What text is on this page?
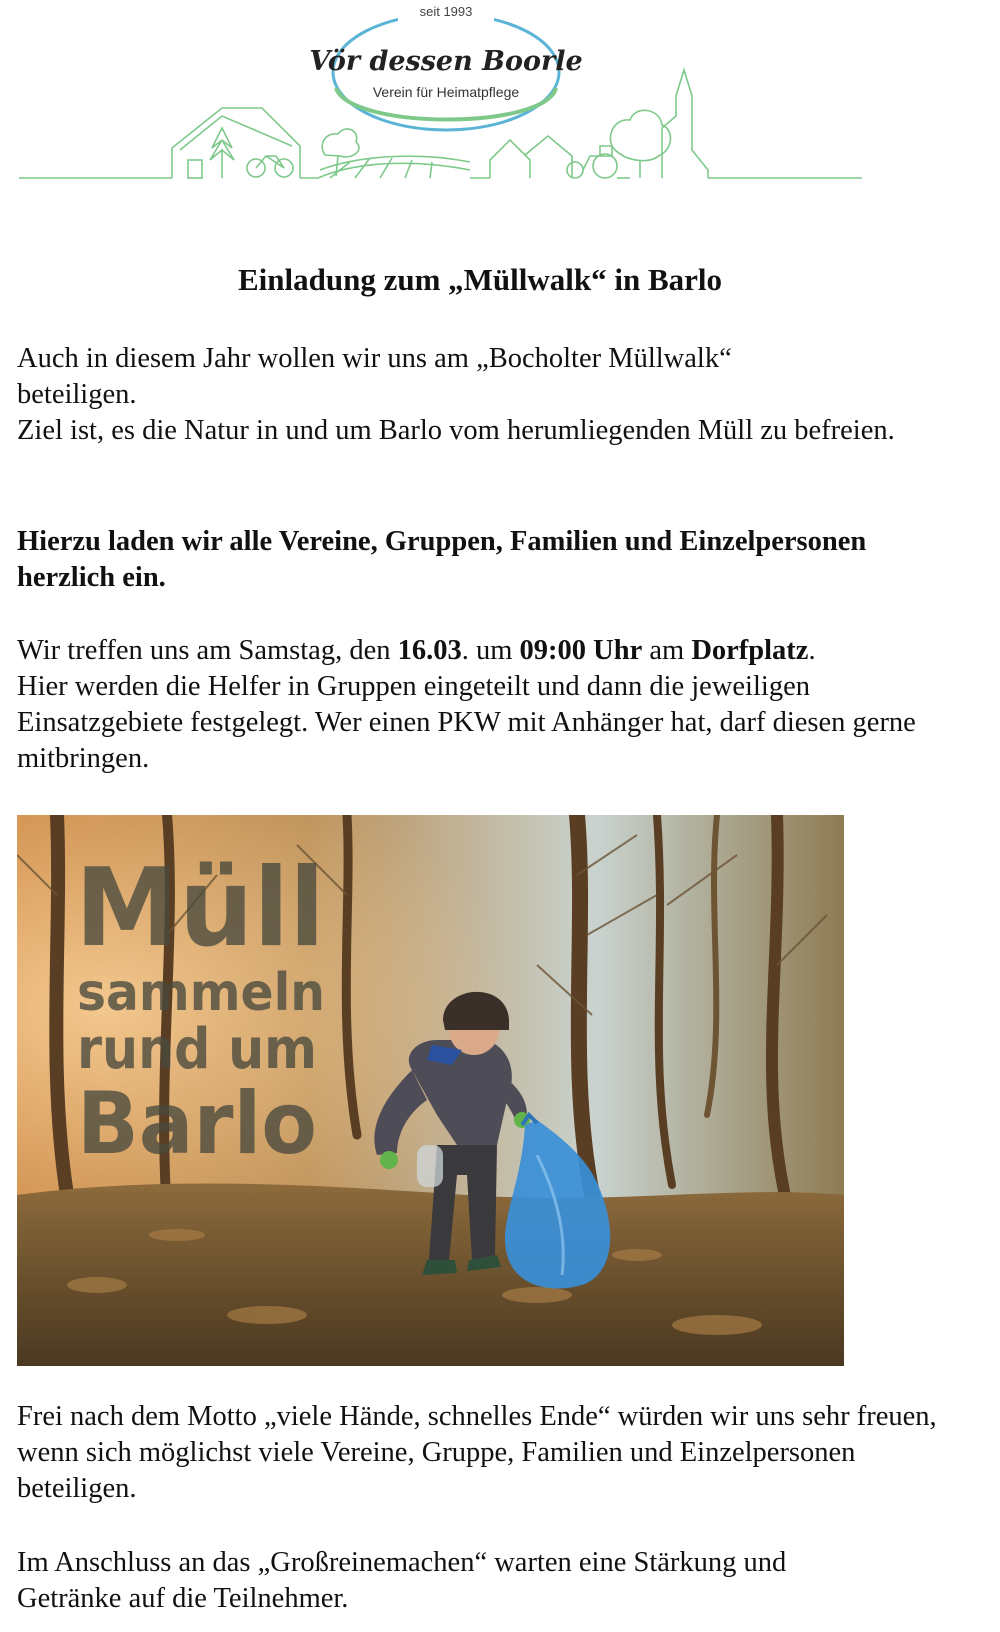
seit 1993
Vör dessen Boorle
Verein für Heimatpflege
Einladung zum „Müllwalk“ in Barlo

Auch in diesem Jahr wollen wir uns am „Bocholter Müllwalk“ beteiligen.

Ziel ist, es die Natur in und um Barlo vom herumliegenden Müll zu befreien.

Hierzu laden wir alle Vereine, Gruppen, Familien und Einzelpersonen herzlich ein.

Wir treffen uns am Samstag, den 16.03. um 09:00 Uhr am Dorfplatz.

Hier werden die Helfer in Gruppen eingeteilt und dann die jeweiligen Einsatzgebiete festgelegt. Wer einen PKW mit Anhänger hat, darf diesen gerne mitbringen.

Müll
sammeln
rund um
Barlo

Frei nach dem Motto „viele Hände, schnelles Ende“ würden wir uns sehr freuen, wenn sich möglichst viele Vereine, Gruppe, Familien und Einzelpersonen beteiligen.

Im Anschluss an das „Großreinemachen“ warten eine Stärkung und Getränke auf die Teilnehmer.
